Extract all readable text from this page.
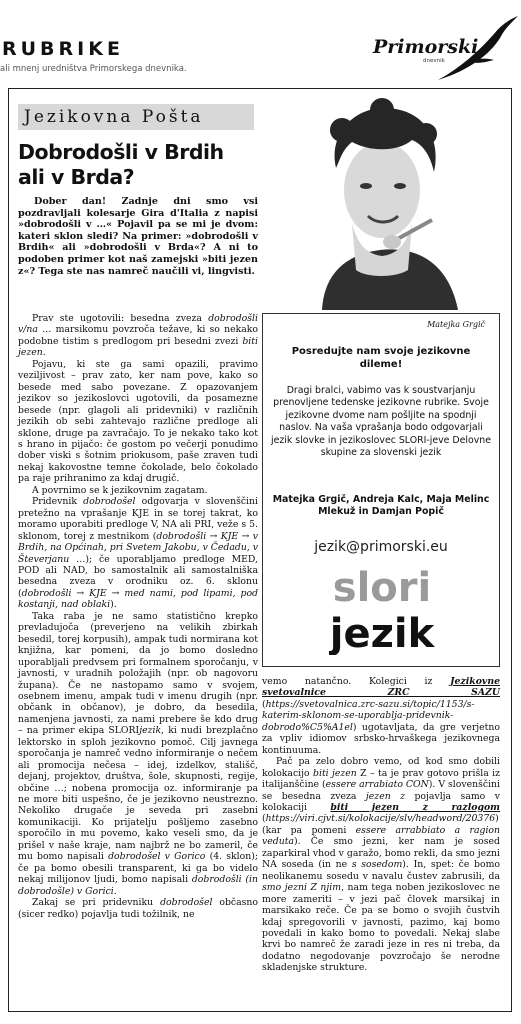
RUBRIKE
ali mnenj uredništva Primorskega dnevnika.
Primorski
dnevnik
Jezikovna Pošta
Dobrodošli v Brdih
ali v Brda?

Dober dan! Zadnje dni smo vsi pozdravljali kolesarje Gira d'Italia z napisi »dobrodošli v …« Pojavil pa se mi je dvom: kateri sklon sledi? Na primer: »dobrodošli v Brdih« ali »dobrodošli v Brda«? A ni to podoben primer kot naš zamejski »biti jezen z«? Tega ste nas namreč naučili vi, lingvisti.

Prav ste ugotovili: besedna zveza dobrodošli v/na … marsikomu povzroča težave, ki so nekako podobne tistim s predlogom pri besedni zvezi biti jezen.

Pojavu, ki ste ga sami opazili, pravimo veziljivost – prav zato, ker nam pove, kako so besede med sabo povezane. Z opazovanjem jezikov so jezikoslovci ugotovili, da posamezne besede (npr. glagoli ali pridevniki) v različnih jezikih ob sebi zahtevajo različne predloge ali sklone, druge pa zavračajo. To je nekako tako kot s hrano in pijačo: če gostom po večerji ponudimo dober viski s šotnim priokusom, paše zraven tudi nekaj kakovostne temne čokolade, belo čokolado pa raje prihranimo za kdaj drugič.

A povrnimo se k jezikovnim zagatam.

Pridevnik dobrodošel odgovarja v slovenščini pretežno na vprašanje KJE in se torej takrat, ko moramo uporabiti predloge V, NA ali PRI, veže s 5. sklonom, torej z mestnikom (dobrodošli → KJE → v Brdih, na Općinah, pri Svetem Jakobu, v Čedadu, v Števerjanu …); če uporabljamo predloge MED, POD ali NAD, bo samostalnik ali samostalniška besedna zveza v orodniku oz. 6. sklonu (dobrodošli → KJE → med nami, pod lipami, pod kostanji, nad oblaki).

Taka raba je ne samo statistično krepko prevladujoča (preverjeno na velikih zbirkah besedil, torej korpusih), ampak tudi normirana kot knjižna, kar pomeni, da jo bomo dosledno uporabljali predvsem pri formalnem sporočanju, v javnosti, v uradnih položajih (npr. ob nagovoru župana). Če ne nastopamo samo v svojem, osebnem imenu, ampak tudi v imenu drugih (npr. občank in občanov), je dobro, da besedila, namenjena javnosti, za nami prebere še kdo drug – na primer ekipa SLORIjezik, ki nudi brezplačno lektorsko in sploh jezikovno pomoč. Cilj javnega sporočanja je namreč vedno informiranje o nečem ali promocija nečesa – idej, izdelkov, stališč, dejanj, projektov, društva, šole, skupnosti, regije, občine …; nobena promocija oz. informiranje pa ne more biti uspešno, če je jezikovno neustrezno. Nekoliko drugače je seveda pri zasebni komunikaciji. Ko prijatelju pošljemo zasebno sporočilo in mu povemo, kako veseli smo, da je prišel v naše kraje, nam najbrž ne bo zameril, če mu bomo napisali dobrodošel v Gorico (4. sklon); če pa bomo obesili transparent, ki ga bo videlo nekaj milijonov ljudi, bomo napisali dobrodošli (in dobrodošle) v Gorici.

Zakaj se pri pridevniku dobrodošel občasno (sicer redko) pojavlja tudi tožilnik, ne

Matejka Grgič
Posredujte nam svoje jezikovne dileme!
Dragi bralci, vabimo vas k soustvarjanju prenovljene tedenske jezikovne rubrike. Svoje jezikovne dvome nam pošljite na spodnji naslov. Na vaša vprašanja bodo odgovarjali jezik slovke in jezikoslovec SLORI-jeve Delovne skupine za slovenski jezik
Matejka Grgič, Andreja Kalc, Maja Melinc Mlekuž in Damjan Popič
jezik@primorski.eu
slori
jezik

vemo natančno. Kolegici iz Jezikovne svetovalnice ZRC SAZU (https://svetovalnica.zrc-sazu.si/topic/1153/s-katerim-sklonom-se-uporablja-pridevnik-dobrodo%C5%A1el) ugotavljata, da gre verjetno za vpliv idiomov srbsko-hrvaškega jezikovnega kontinuuma.

Pač pa zelo dobro vemo, od kod smo dobili kolokacijo biti jezen Z – ta je prav gotovo prišla iz italijanščine (essere arrabiato CON). V slovenščini se besedna zveza jezen z pojavlja samo v kolokaciji biti jezen z razlogom (https://viri.cjvt.si/kolokacije/slv/headword/20376) (kar pa pomeni essere arrabbiato a ragion veduta). Če smo jezni, ker nam je sosed zaparkiral vhod v garažo, bomo rekli, da smo jezni NA soseda (in ne s sosedom). In, spet: če bomo neolikanemu sosedu v navalu čustev zabrusili, da smo jezni Z njim, nam tega noben jezikoslovec ne more zameriti – v jezi pač človek marsikaj in marsikako reče. Če pa se bomo o svojih čustvih kdaj spregovorili v javnosti, pazimo, kaj bomo povedali in kako bomo to povedali. Nekaj slabe krvi bo namreč že zaradi jeze in res ni treba, da dodatno negodovanje povzročajo še nerodne skladenjske strukture.
